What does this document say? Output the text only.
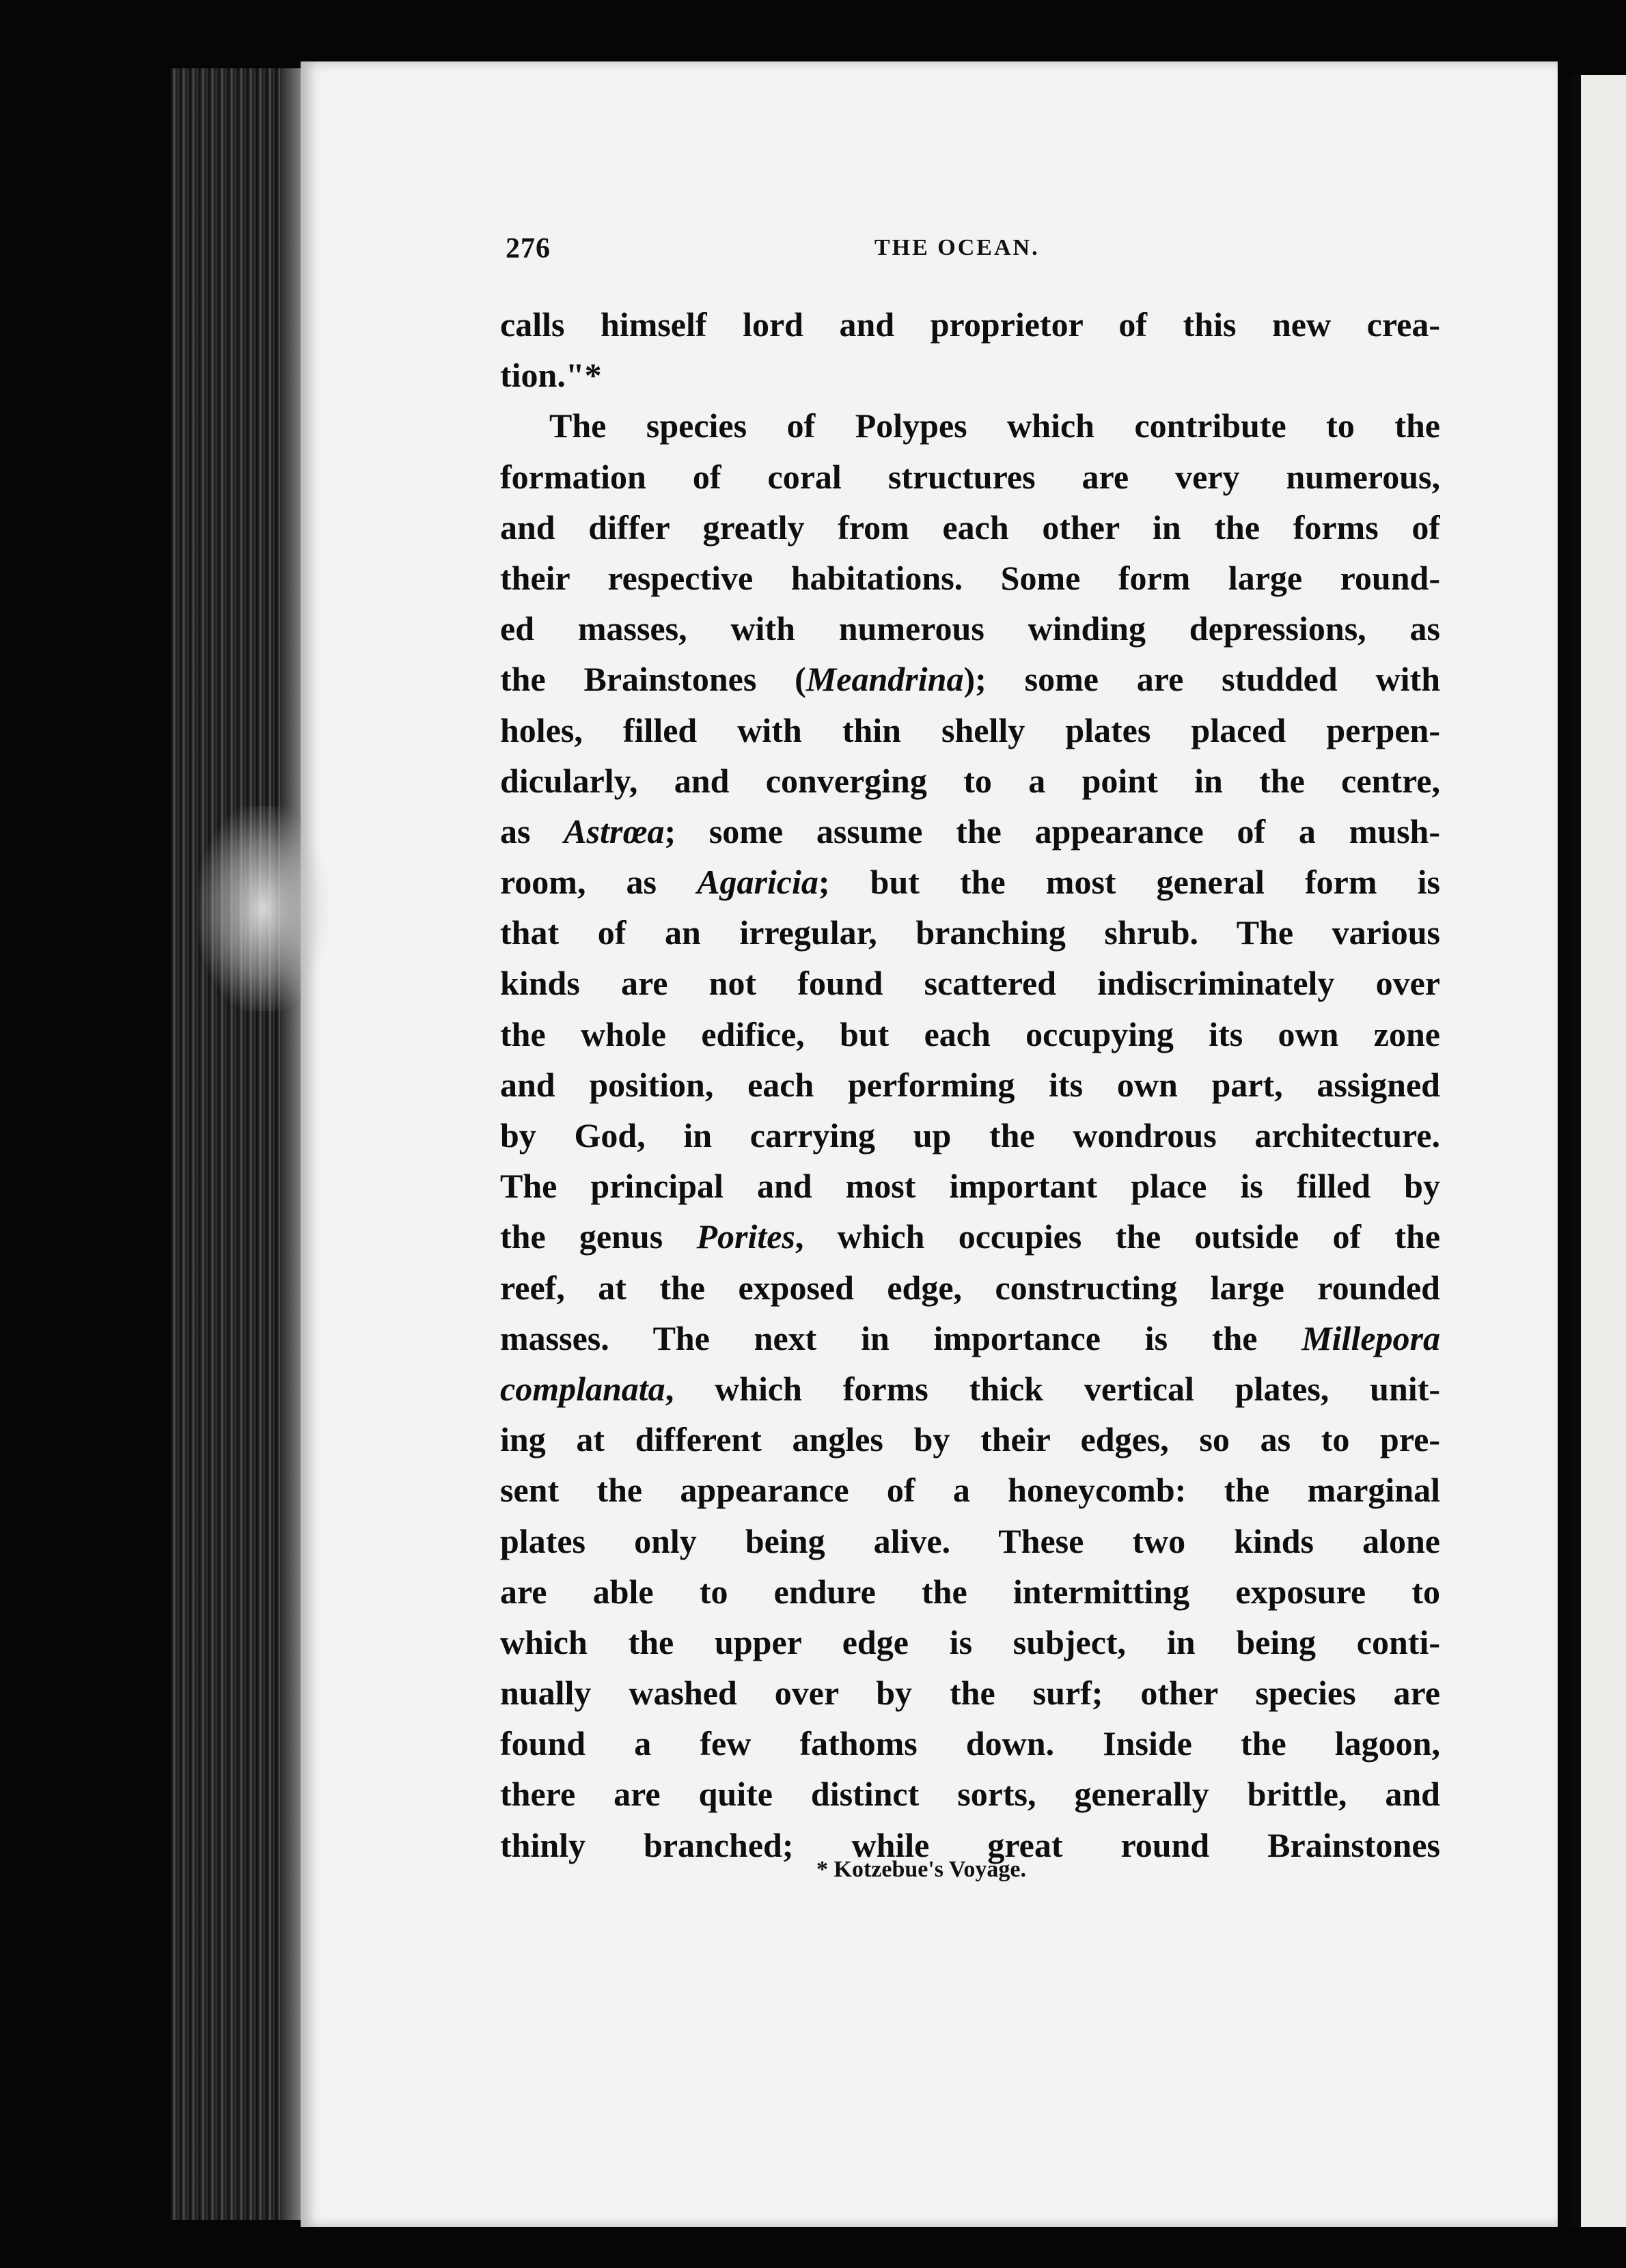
276	THE OCEAN.
calls himself lord and proprietor of this new crea-
tion."*
The species of Polypes which contribute to the
formation of coral structures are very numerous,
and differ greatly from each other in the forms of
their respective habitations. Some form large round-
ed masses, with numerous winding depressions, as
the Brainstones (Meandrina); some are studded with
holes, filled with thin shelly plates placed perpen-
dicularly, and converging to a point in the centre,
as Astrœa; some assume the appearance of a mush-
room, as Agaricia; but the most general form is
that of an irregular, branching shrub. The various
kinds are not found scattered indiscriminately over
the whole edifice, but each occupying its own zone
and position, each performing its own part, assigned
by God, in carrying up the wondrous architecture.
The principal and most important place is filled by
the genus Porites, which occupies the outside of the
reef, at the exposed edge, constructing large rounded
masses. The next in importance is the Millepora
complanata, which forms thick vertical plates, unit-
ing at different angles by their edges, so as to pre-
sent the appearance of a honeycomb: the marginal
plates only being alive. These two kinds alone
are able to endure the intermitting exposure to
which the upper edge is subject, in being conti-
nually washed over by the surf; other species are
found a few fathoms down. Inside the lagoon,
there are quite distinct sorts, generally brittle, and
thinly branched; while great round Brainstones
* Kotzebue's Voyage.
